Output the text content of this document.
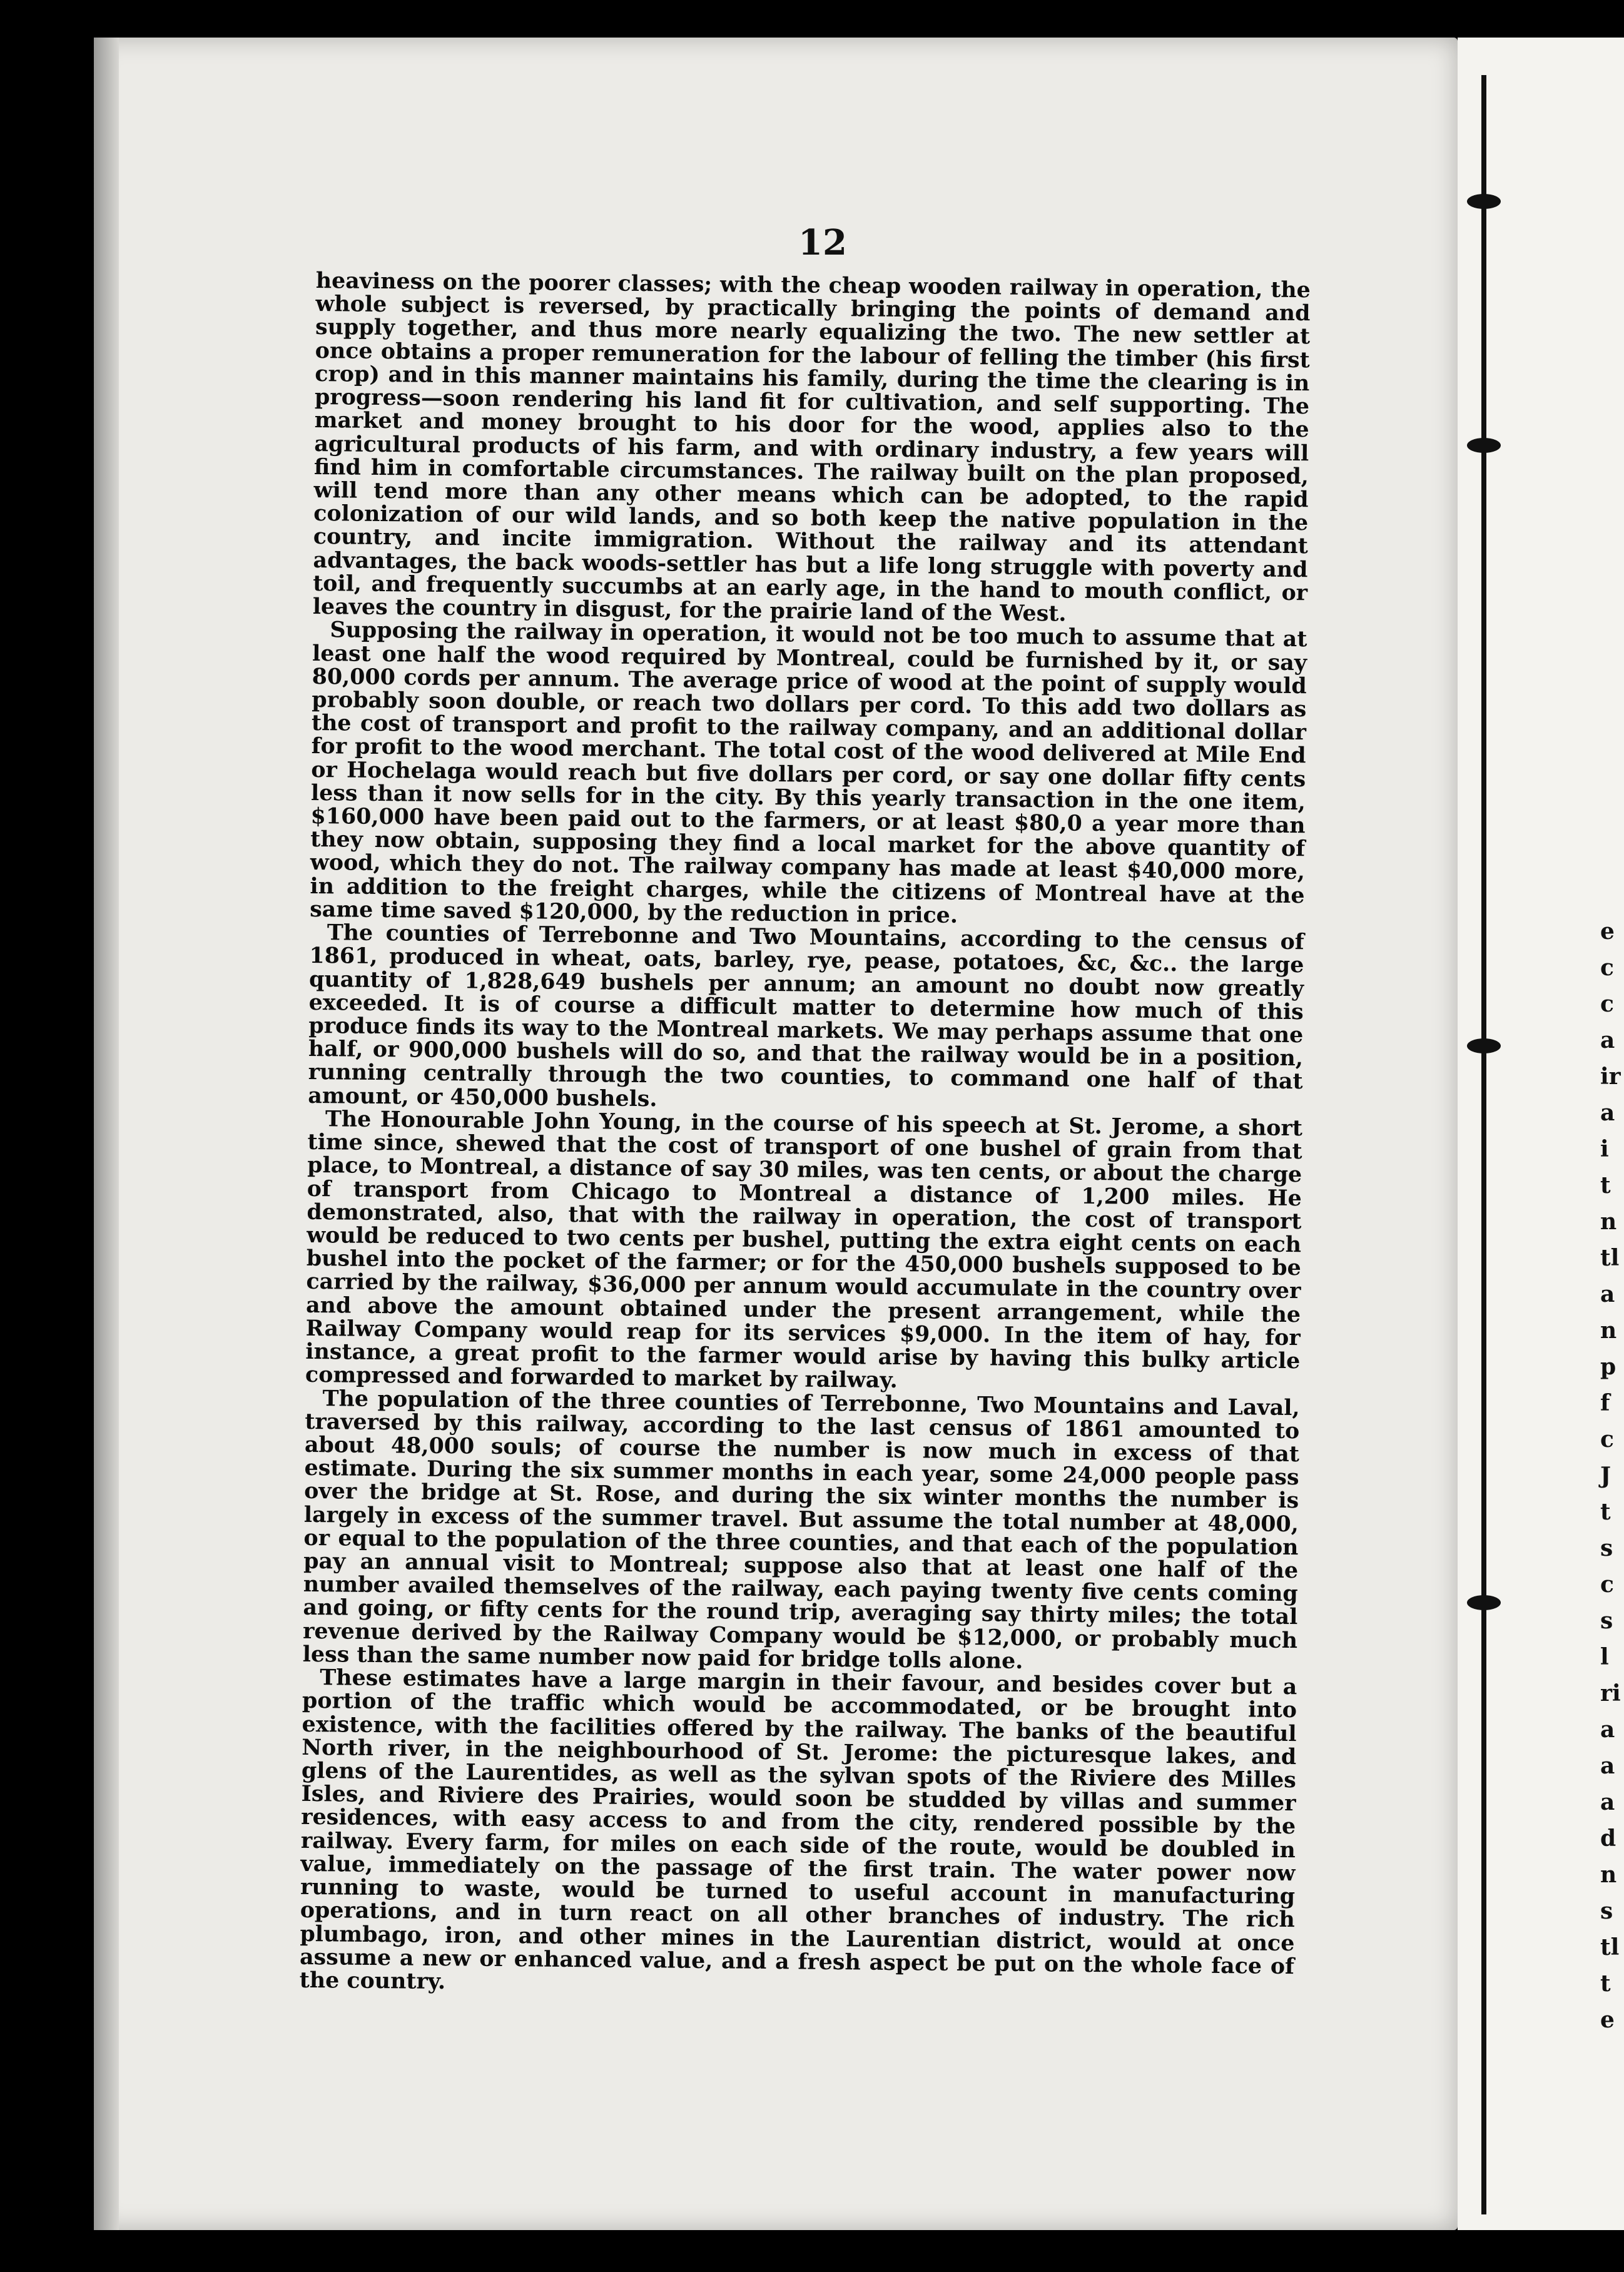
12

heaviness on the poorer classes; with the cheap wooden railway in operation, the whole subject is reversed, by practically bringing the points of demand and supply together, and thus more nearly equalizing the two. The new settler at once obtains a proper remuneration for the labour of felling the timber (his first crop) and in this manner maintains his family, during the time the clearing is in progress—soon rendering his land fit for cultivation, and self supporting. The market and money brought to his door for the wood, applies also to the agricultural products of his farm, and with ordinary industry, a few years will find him in comfortable circumstances. The railway built on the plan proposed, will tend more than any other means which can be adopted, to the rapid colonization of our wild lands, and so both keep the native population in the country, and incite immigration. Without the railway and its attendant advantages, the back woods-settler has but a life long struggle with poverty and toil, and frequently succumbs at an early age, in the hand to mouth conflict, or leaves the country in disgust, for the prairie land of the West.

Supposing the railway in operation, it would not be too much to assume that at least one half the wood required by Montreal, could be furnished by it, or say 80,000 cords per annum. The average price of wood at the point of supply would probably soon double, or reach two dollars per cord. To this add two dollars as the cost of transport and profit to the railway company, and an additional dollar for profit to the wood merchant. The total cost of the wood delivered at Mile End or Hochelaga would reach but five dollars per cord, or say one dollar fifty cents less than it now sells for in the city. By this yearly transaction in the one item, $160,000 have been paid out to the farmers, or at least $80,0 a year more than they now obtain, supposing they find a local market for the above quantity of wood, which they do not. The railway company has made at least $40,000 more, in addition to the freight charges, while the citizens of Montreal have at the same time saved $120,000, by the reduction in price.

The counties of Terrebonne and Two Mountains, according to the census of 1861, produced in wheat, oats, barley, rye, pease, potatoes, &c, &c.. the large quantity of 1,828,649 bushels per annum; an amount no doubt now greatly exceeded. It is of course a difficult matter to determine how much of this produce finds its way to the Montreal markets. We may perhaps assume that one half, or 900,000 bushels will do so, and that the railway would be in a position, running centrally through the two counties, to command one half of that amount, or 450,000 bushels.

The Honourable John Young, in the course of his speech at St. Jerome, a short time since, shewed that the cost of transport of one bushel of grain from that place, to Montreal, a distance of say 30 miles, was ten cents, or about the charge of transport from Chicago to Montreal a distance of 1,200 miles. He demonstrated, also, that with the railway in operation, the cost of transport would be reduced to two cents per bushel, putting the extra eight cents on each bushel into the pocket of the farmer; or for the 450,000 bushels supposed to be carried by the railway, $36,000 per annum would accumulate in the country over and above the amount obtained under the present arrangement, while the Railway Company would reap for its services $9,000. In the item of hay, for instance, a great profit to the farmer would arise by having this bulky article compressed and forwarded to market by railway.

The population of the three counties of Terrebonne, Two Mountains and Laval, traversed by this railway, according to the last census of 1861 amounted to about 48,000 souls; of course the number is now much in excess of that estimate. During the six summer months in each year, some 24,000 people pass over the bridge at St. Rose, and during the six winter months the number is largely in excess of the summer travel. But assume the total number at 48,000, or equal to the population of the three counties, and that each of the population pay an annual visit to Montreal; suppose also that at least one half of the number availed themselves of the railway, each paying twenty five cents coming and going, or fifty cents for the round trip, averaging say thirty miles; the total revenue derived by the Railway Company would be $12,000, or probably much less than the same number now paid for bridge tolls alone.

These estimates have a large margin in their favour, and besides cover but a portion of the traffic which would be accommodated, or be brought into existence, with the facilities offered by the railway. The banks of the beautiful North river, in the neighbourhood of St. Jerome: the picturesque lakes, and glens of the Laurentides, as well as the sylvan spots of the Riviere des Milles Isles, and Riviere des Prairies, would soon be studded by villas and summer residences, with easy access to and from the city, rendered possible by the railway. Every farm, for miles on each side of the route, would be doubled in value, immediately on the passage of the first train. The water power now running to waste, would be turned to useful account in manufacturing operations, and in turn react on all other branches of industry. The rich plumbago, iron, and other mines in the Laurentian district, would at once assume a new or enhanced value, and a fresh aspect be put on the whole face of the country.

e
c
c
a
ir
a
i
t
n
tl
a
n
p
f
c
J
t
s
c
s
l
ri
a
a
a
d
n
s
tl
t
e
